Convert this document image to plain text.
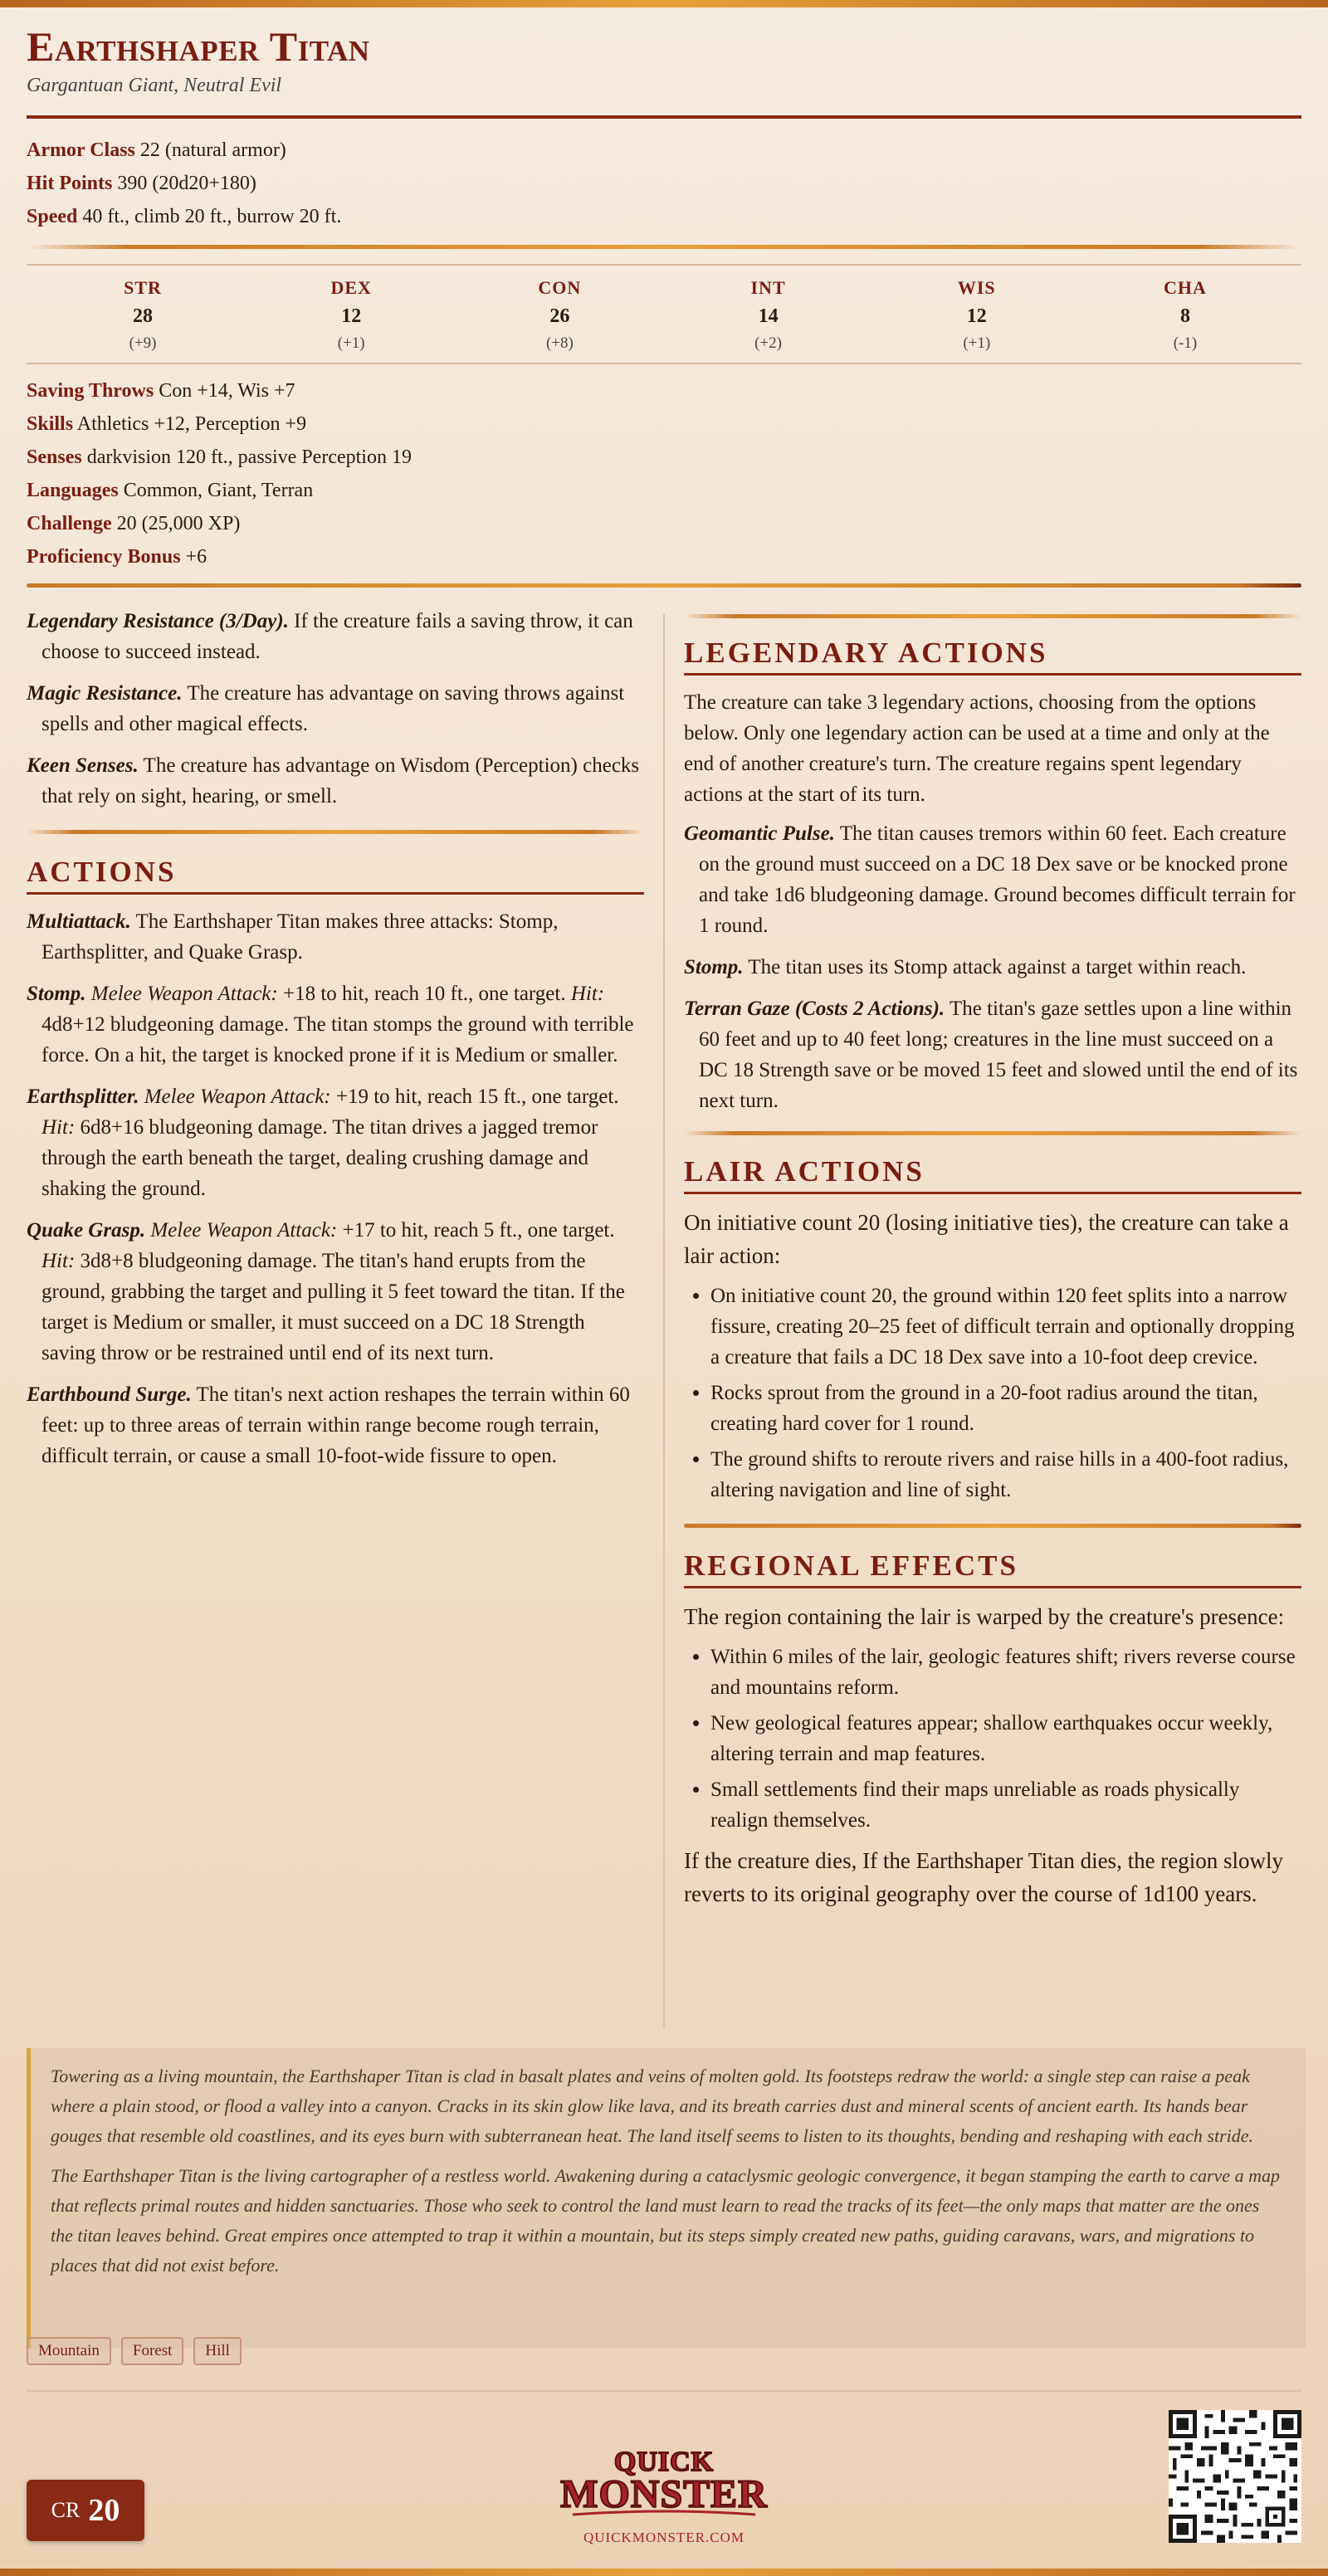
Earthshaper Titan
Gargantuan Giant, Neutral Evil
Armor Class 22 (natural armor)
Hit Points 390 (20d20+180)
Speed 40 ft., climb 20 ft., burrow 20 ft.
STR
28
(+9)
DEX
12
(+1)
CON
26
(+8)
INT
14
(+2)
WIS
12
(+1)
CHA
8
(-1)
Saving Throws Con +14, Wis +7
Skills Athletics +12, Perception +9
Senses darkvision 120 ft., passive Perception 19
Languages Common, Giant, Terran
Challenge 20 (25,000 XP)
Proficiency Bonus +6

Legendary Resistance (3/Day). If the creature fails a saving throw, it can choose to succeed instead.

Magic Resistance. The creature has advantage on saving throws against spells and other magical effects.

Keen Senses. The creature has advantage on Wisdom (Perception) checks that rely on sight, hearing, or smell.

ACTIONS

Multiattack. The Earthshaper Titan makes three attacks: Stomp, Earthsplitter, and Quake Grasp.

Stomp. Melee Weapon Attack: +18 to hit, reach 10 ft., one target. Hit: 4d8+12 bludgeoning damage. The titan stomps the ground with terrible force. On a hit, the target is knocked prone if it is Medium or smaller.

Earthsplitter. Melee Weapon Attack: +19 to hit, reach 15 ft., one target. Hit: 6d8+16 bludgeoning damage. The titan drives a jagged tremor through the earth beneath the target, dealing crushing damage and shaking the ground.

Quake Grasp. Melee Weapon Attack: +17 to hit, reach 5 ft., one target. Hit: 3d8+8 bludgeoning damage. The titan's hand erupts from the ground, grabbing the target and pulling it 5 feet toward the titan. If the target is Medium or smaller, it must succeed on a DC 18 Strength saving throw or be restrained until end of its next turn.

Earthbound Surge. The titan's next action reshapes the terrain within 60 feet: up to three areas of terrain within range become rough terrain, difficult terrain, or cause a small 10-foot-wide fissure to open.

LEGENDARY ACTIONS

The creature can take 3 legendary actions, choosing from the options below. Only one legendary action can be used at a time and only at the end of another creature's turn. The creature regains spent legendary actions at the start of its turn.

Geomantic Pulse. The titan causes tremors within 60 feet. Each creature on the ground must succeed on a DC 18 Dex save or be knocked prone and take 1d6 bludgeoning damage. Ground becomes difficult terrain for 1 round.

Stomp. The titan uses its Stomp attack against a target within reach.

Terran Gaze (Costs 2 Actions). The titan's gaze settles upon a line within 60 feet and up to 40 feet long; creatures in the line must succeed on a DC 18 Strength save or be moved 15 feet and slowed until the end of its next turn.

LAIR ACTIONS

On initiative count 20 (losing initiative ties), the creature can take a lair action:

• On initiative count 20, the ground within 120 feet splits into a narrow fissure, creating 20–25 feet of difficult terrain and optionally dropping a creature that fails a DC 18 Dex save into a 10-foot deep crevice.
• Rocks sprout from the ground in a 20-foot radius around the titan, creating hard cover for 1 round.
• The ground shifts to reroute rivers and raise hills in a 400-foot radius, altering navigation and line of sight.
REGIONAL EFFECTS

The region containing the lair is warped by the creature's presence:

• Within 6 miles of the lair, geologic features shift; rivers reverse course and mountains reform.
• New geological features appear; shallow earthquakes occur weekly, altering terrain and map features.
• Small settlements find their maps unreliable as roads physically realign themselves.

If the creature dies, If the Earthshaper Titan dies, the region slowly reverts to its original geography over the course of 1d100 years.

Towering as a living mountain, the Earthshaper Titan is clad in basalt plates and veins of molten gold. Its footsteps redraw the world: a single step can raise a peak where a plain stood, or flood a valley into a canyon. Cracks in its skin glow like lava, and its breath carries dust and mineral scents of ancient earth. Its hands bear gouges that resemble old coastlines, and its eyes burn with subterranean heat. The land itself seems to listen to its thoughts, bending and reshaping with each stride.

The Earthshaper Titan is the living cartographer of a restless world. Awakening during a cataclysmic geologic convergence, it began stamping the earth to carve a map that reflects primal routes and hidden sanctuaries. Those who seek to control the land must learn to read the tracks of its feet—the only maps that matter are the ones the titan leaves behind. Great empires once attempted to trap it within a mountain, but its steps simply created new paths, guiding caravans, wars, and migrations to places that did not exist before.

Mountain	Forest	Hill
CR 20
QUICK
MONSTER
QUICKMONSTER.COM
